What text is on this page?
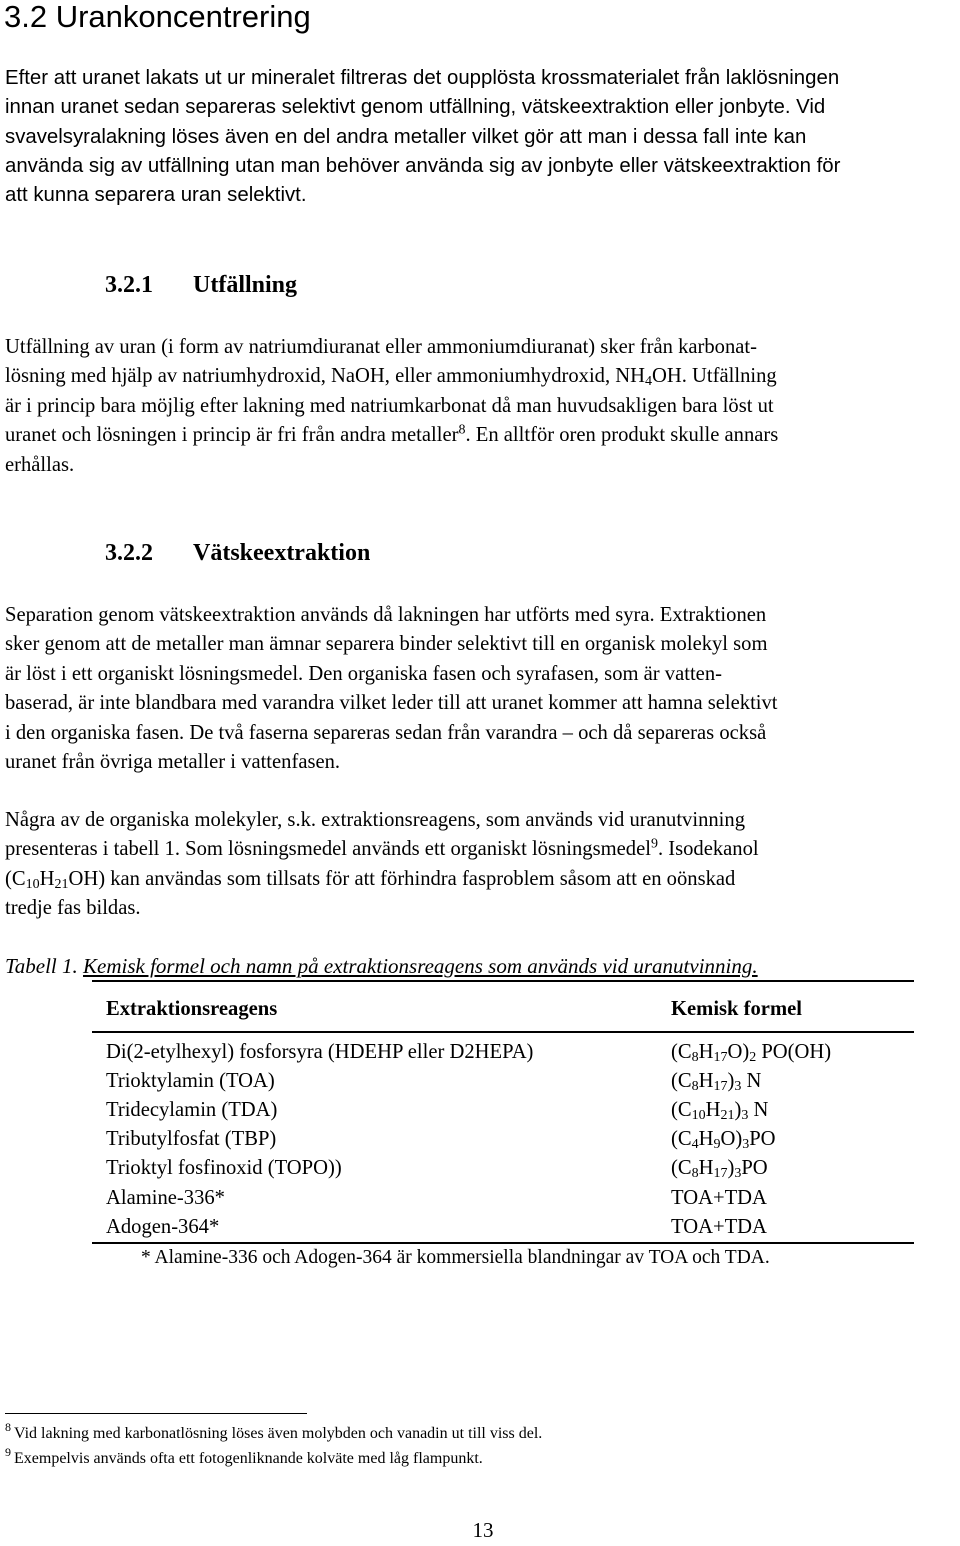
3.2 Urankoncentrering
Efter att uranet lakats ut ur mineralet filtreras det oupplösta krossmaterialet från laklösningen
innan uranet sedan separeras selektivt genom utfällning, vätskeextraktion eller jonbyte. Vid
svavelsyralakning löses även en del andra metaller vilket gör att man i dessa fall inte kan
använda sig av utfällning utan man behöver använda sig av jonbyte eller vätskeextraktion för
att kunna separera uran selektivt.
3.2.1 Utfällning
Utfällning av uran (i form av natriumdiuranat eller ammoniumdiuranat) sker från karbonat-
lösning med hjälp av natriumhydroxid, NaOH, eller ammoniumhydroxid, $NH_4OH$. Utfällning
är i princip bara möjlig efter lakning med natriumkarbonat då man huvudsakligen bara löst ut
uranet och lösningen i princip är fri från andra metaller$^8$. En alltför oren produkt skulle annars
erhållas.
3.2.2 Vätskeextraktion
Separation genom vätskeextraktion används då lakningen har utförts med syra. Extraktionen
sker genom att de metaller man ämnar separera binder selektivt till en organisk molekyl som
är löst i ett organiskt lösningsmedel. Den organiska fasen och syrafasen, som är vatten-
baserad, är inte blandbara med varandra vilket leder till att uranet kommer att hamna selektivt
i den organiska fasen. De två faserna separeras sedan från varandra – och då separeras också
uranet från övriga metaller i vattenfasen.
Några av de organiska molekyler, s.k. extraktionsreagens, som används vid uranutvinning
presenteras i tabell 1. Som lösningsmedel används ett organiskt lösningsmedel$^9$. Isodekanol
$(C_{10}H_{21}OH)$ kan användas som tillsats för att förhindra fasproblem såsom att en oönskad
tredje fas bildas.
Tabell 1. Kemisk formel och namn på extraktionsreagens som används vid uranutvinning.
Extraktionsreagens	Kemisk formel
Di(2-etylhexyl) fosforsyra (HDEHP eller D2HEPA)
Trioktylamin (TOA)
Tridecylamin (TDA)
Tributylfosfat (TBP)
Trioktyl fosfinoxid (TOPO))
Alamine-336*
Adogen-364*
$(C_8H_{17}O)_2$ PO(OH)
$(C_8H_{17})_3$ N
$(C_{10}H_{21})_3$ N
$(C_4H_9O)_3PO$
$(C_8H_{17})_3PO$
TOA+TDA
TOA+TDA
* Alamine-336 och Adogen-364 är kommersiella blandningar av TOA och TDA.
$^8$ Vid lakning med karbonatlösning löses även molybden och vanadin ut till viss del.
$^9$ Exempelvis används ofta ett fotogenliknande kolväte med låg flampunkt.
13
